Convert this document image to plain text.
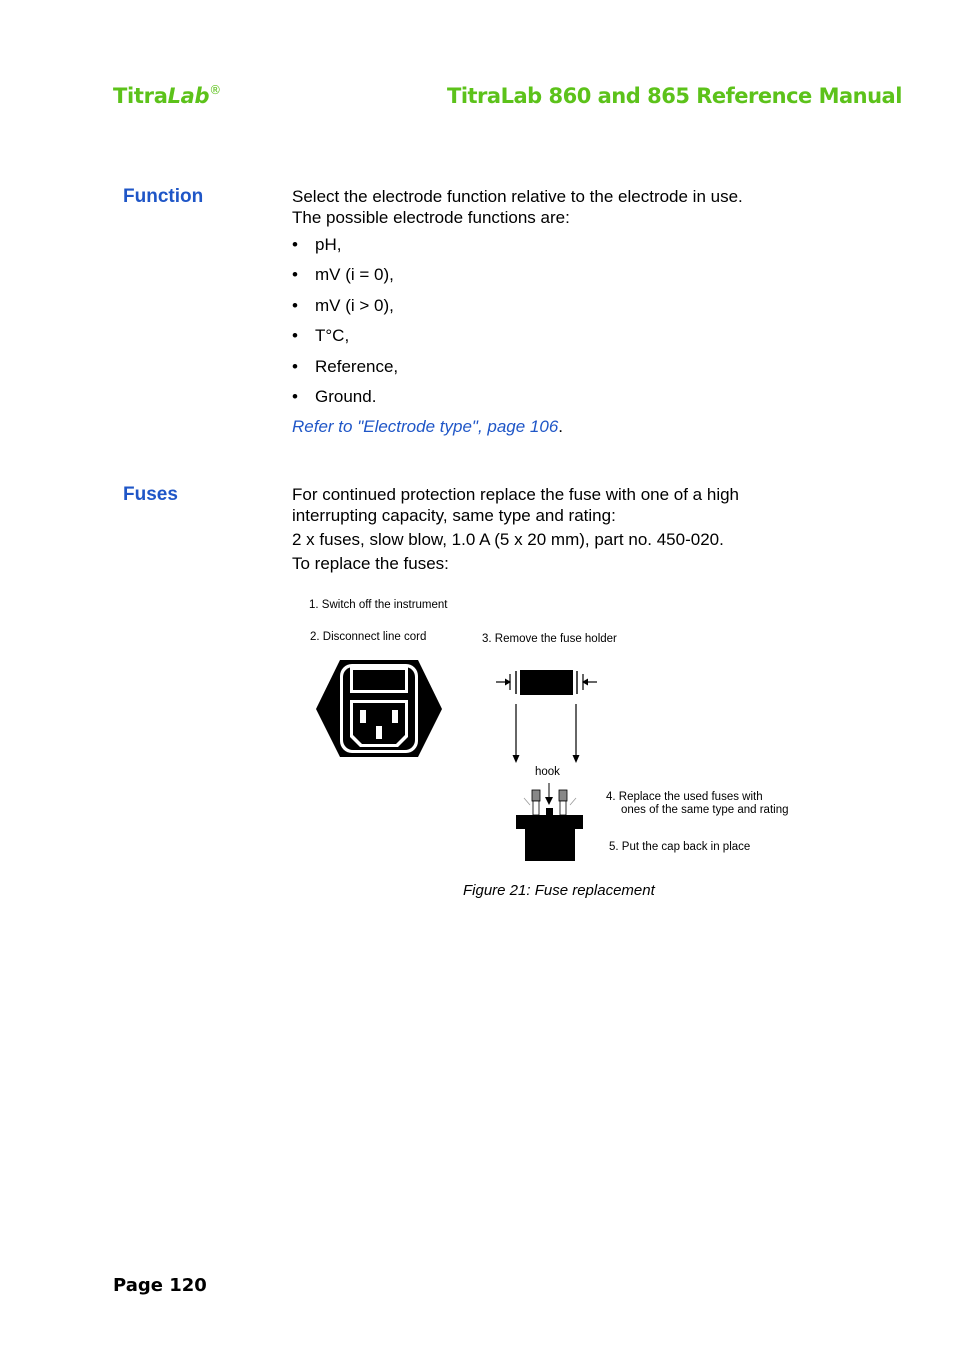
TitraLab®	TitraLab 860 and 865 Reference Manual
Function	Select the electrode function relative to the electrode in use.
The possible electrode functions are:
• pH,
• mV (i = 0),
• mV (i > 0),
• T°C,
• Reference,
• Ground.
Refer to "Electrode type", page 106.
Fuses	For continued protection replace the fuse with one of a high
interrupting capacity, same type and rating:
2 x fuses, slow blow, 1.0 A (5 x 20 mm), part no. 450-020.
To replace the fuses:
1. Switch off the instrument
2. Disconnect line cord	3. Remove the fuse holder
hook
4. Replace the used fuses with
ones of the same type and rating
5. Put the cap back in place
Figure 21: Fuse replacement
Page 120
